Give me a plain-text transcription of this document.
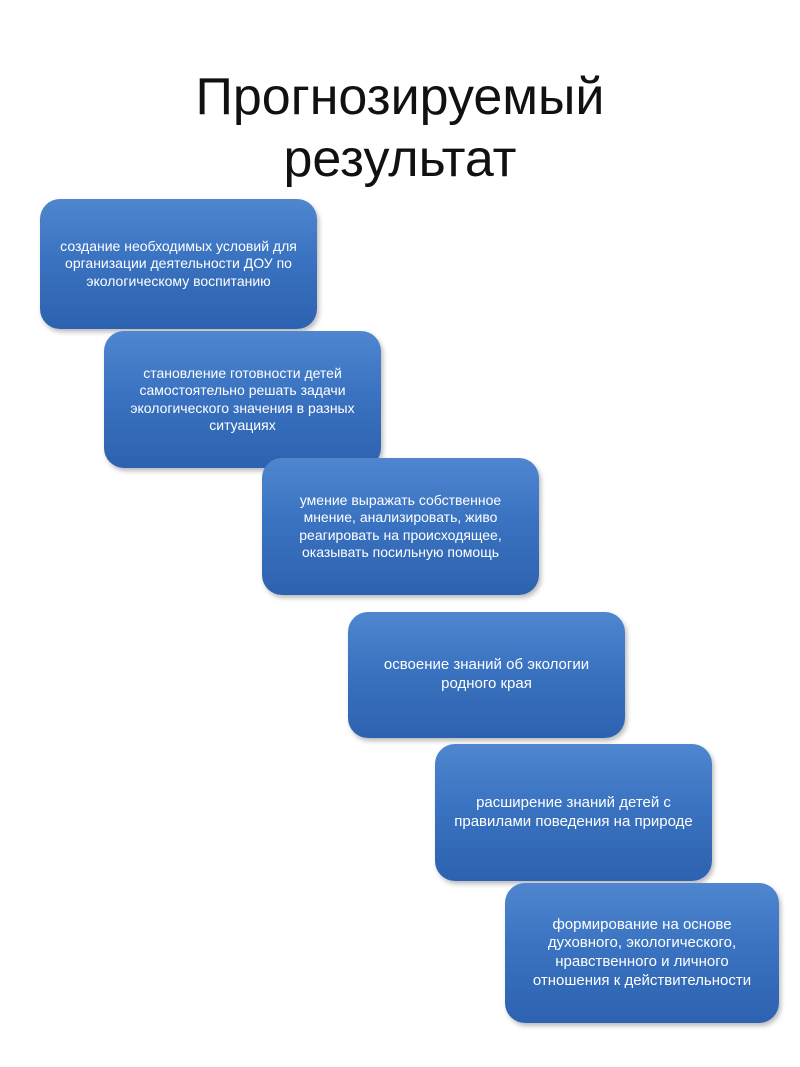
Прогнозируемый
результат
создание необходимых условий для организации деятельности ДОУ по экологическому воспитанию
становление готовности детей самостоятельно решать задачи экологического значения в разных ситуациях
умение выражать собственное мнение, анализировать, живо реагировать на происходящее, оказывать посильную помощь
освоение знаний об экологии родного края
расширение знаний детей с правилами поведения на природе
формирование на основе духовного, экологического, нравственного и личного отношения к действительности
